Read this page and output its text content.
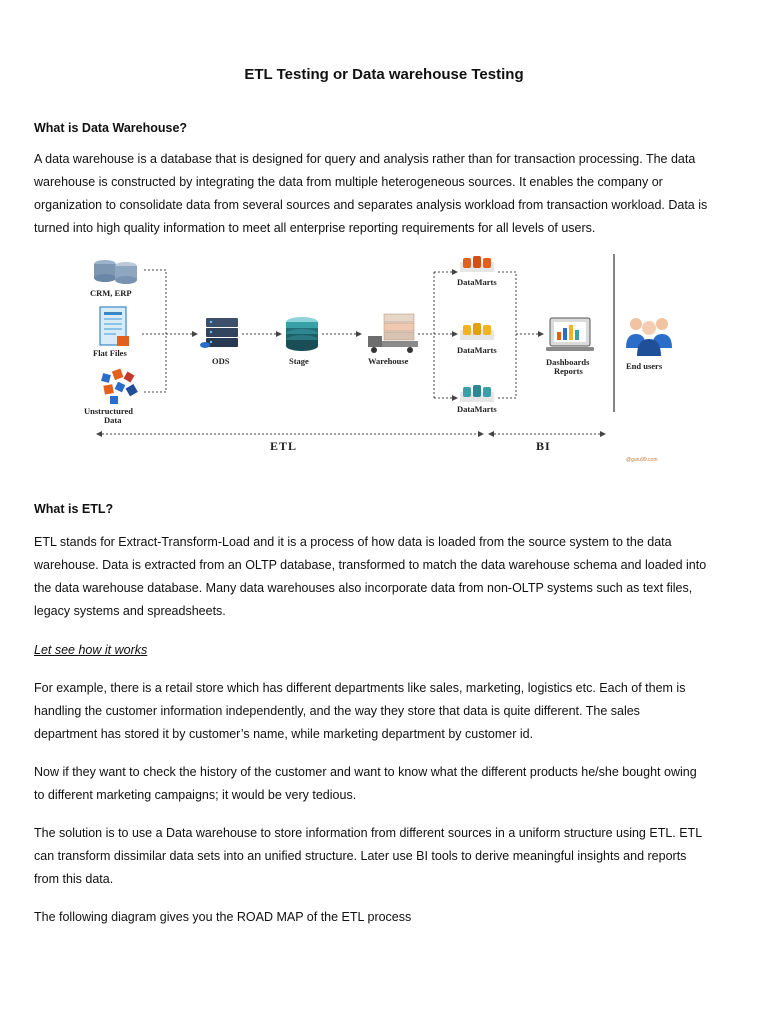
ETL Testing or Data warehouse Testing
What is Data Warehouse?
A data warehouse is a database that is designed for query and analysis rather than for transaction processing. The data
warehouse is constructed by integrating the data from multiple heterogeneous sources. It enables the company or
organization to consolidate data from several sources and separates analysis workload from transaction workload. Data is
turned into high quality information to meet all enterprise reporting requirements for all levels of users.
CRM, ERP
Flat Files
Unstructured
Data
ODS	Stage	Warehouse
DataMarts
DataMarts
DataMarts
Dashboards
Reports	End users
ETL	BI
@guru99.com
What is ETL?
ETL stands for Extract-Transform-Load and it is a process of how data is loaded from the source system to the data
warehouse. Data is extracted from an OLTP database, transformed to match the data warehouse schema and loaded into
the data warehouse database. Many data warehouses also incorporate data from non-OLTP systems such as text files,
legacy systems and spreadsheets.
Let see how it works
For example, there is a retail store which has different departments like sales, marketing, logistics etc. Each of them is
handling the customer information independently, and the way they store that data is quite different. The sales
department has stored it by customer’s name, while marketing department by customer id.
Now if they want to check the history of the customer and want to know what the different products he/she bought owing
to different marketing campaigns; it would be very tedious.
The solution is to use a Data warehouse to store information from different sources in a uniform structure using ETL. ETL
can transform dissimilar data sets into an unified structure. Later use BI tools to derive meaningful insights and reports
from this data.
The following diagram gives you the ROAD MAP of the ETL process
